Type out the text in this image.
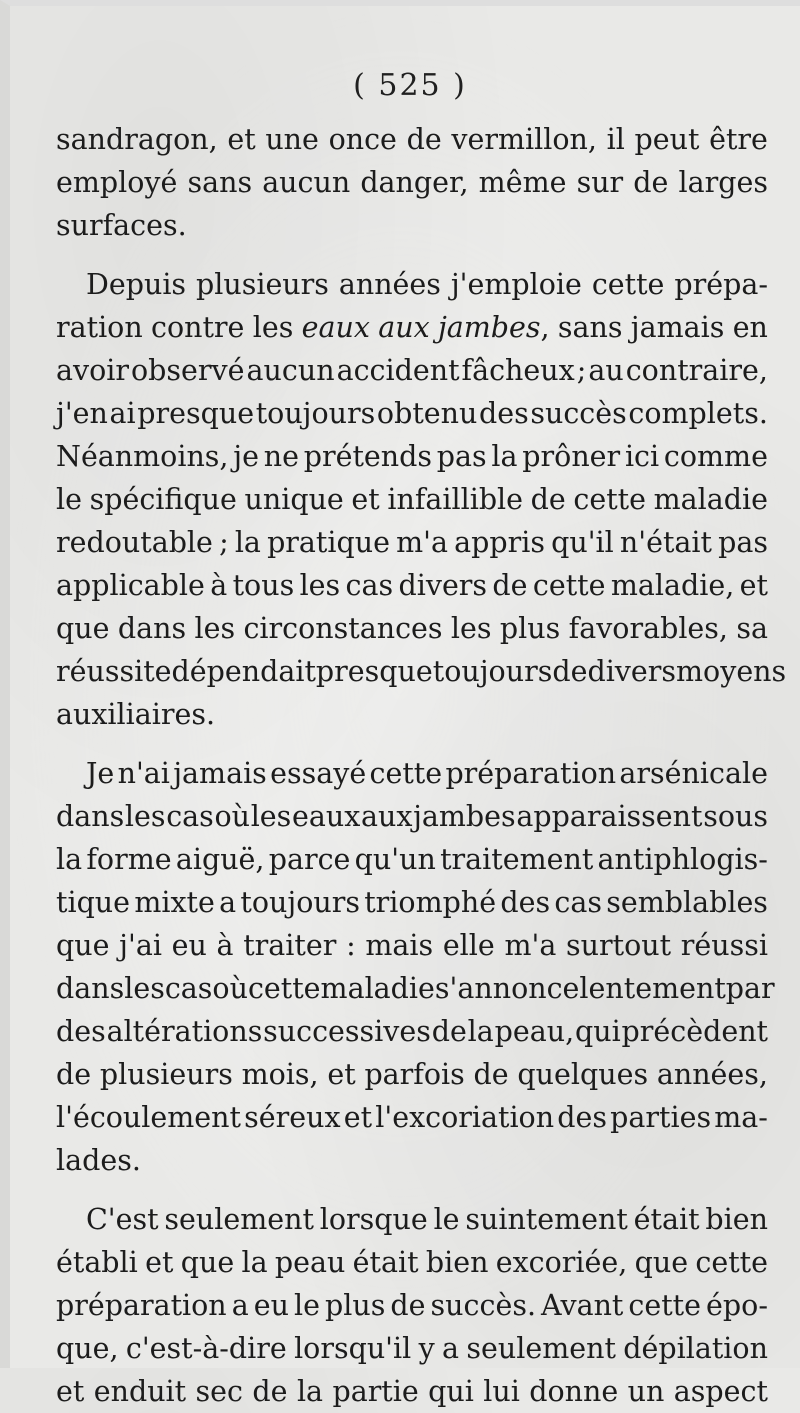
( 525 )
sandragon, et une once de vermillon, il peut être
employé sans aucun danger, même sur de larges
surfaces.

Depuis plusieurs années j'emploie cette prépa-
ration contre les eaux aux jambes, sans jamais en
avoir observé aucun accident fâcheux ; au contraire,
j'en ai presque toujours obtenu des succès complets.
Néanmoins, je ne prétends pas la prôner ici comme
le spécifique unique et infaillible de cette maladie
redoutable ; la pratique m'a appris qu'il n'était pas
applicable à tous les cas divers de cette maladie, et
que dans les circonstances les plus favorables, sa
réussite dépendait presque toujours de divers moyens
auxiliaires.

Je n'ai jamais essayé cette préparation arsénicale
dans les cas où les eaux aux jambes apparaissent sous
la forme aiguë, parce qu'un traitement antiphlogis-
tique mixte a toujours triomphé des cas semblables
que j'ai eu à traiter : mais elle m'a surtout réussi
dans les cas où cette maladie s'annonce lentement par
des altérations successives de la peau, qui précèdent
de plusieurs mois, et parfois de quelques années,
l'écoulement séreux et l'excoriation des parties ma-
lades.

C'est seulement lorsque le suintement était bien
établi et que la peau était bien excoriée, que cette
préparation a eu le plus de succès. Avant cette épo-
que, c'est-à-dire lorsqu'il y a seulement dépilation
et enduit sec de la partie qui lui donne un aspect
